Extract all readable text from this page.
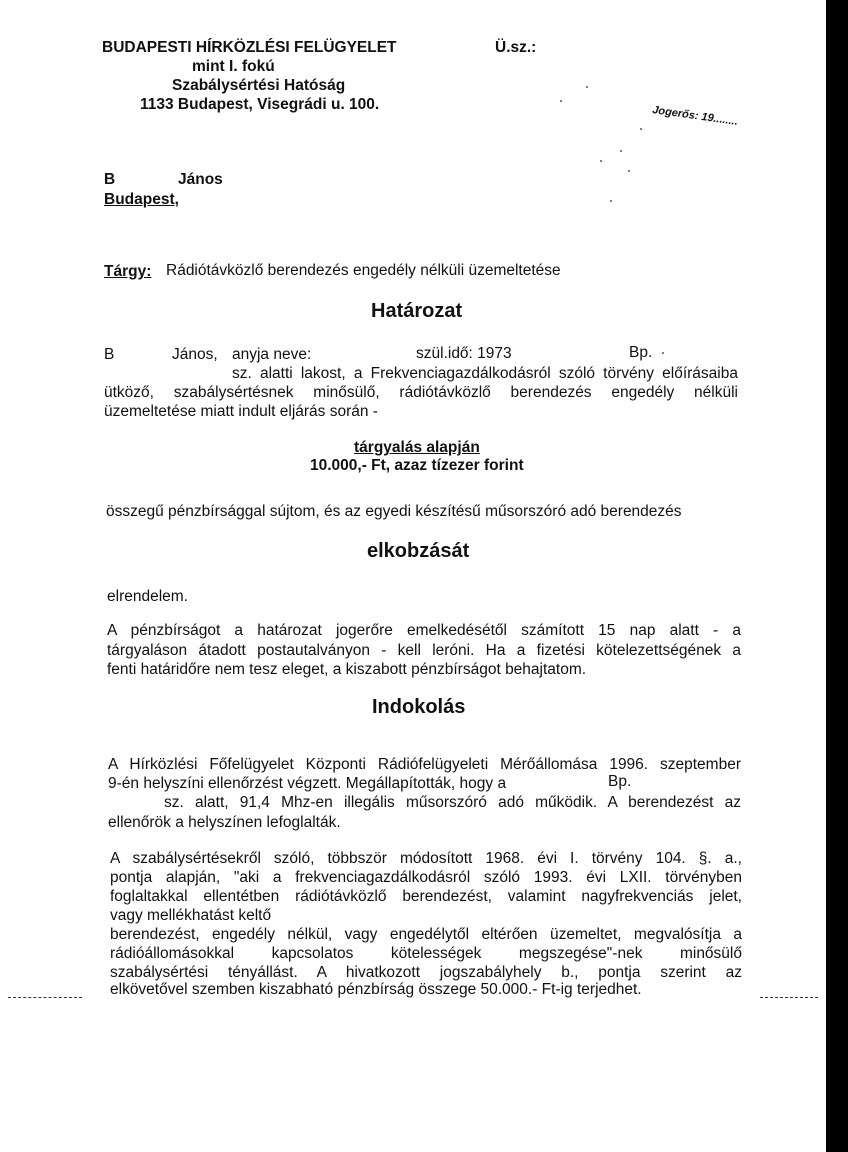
BUDAPESTI HÍRKÖZLÉSI FELÜGYELET
mint I. fokú
Szabálysértési Hatóság
1133 Budapest, Visegrádi u. 100.
Ü.sz.:
Jogerős: 19........
B	János
Budapest,
Tárgy: Rádiótávközlő berendezés engedély nélküli üzemeltetése
Határozat
B	János, anyja neve:	szül.idő: 1973	Bp.
sz. alatti lakost, a Frekvenciagazdálkodásról szóló törvény előírásaiba
ütköző, szabálysértésnek minősülő, rádiótávközlő berendezés engedély nélküli
üzemeltetése miatt indult eljárás során -
tárgyalás alapján
10.000,- Ft, azaz tízezer forint
összegű pénzbírsággal sújtom, és az egyedi készítésű műsorszóró adó berendezés
elkobzását
elrendelem.
A pénzbírságot a határozat jogerőre emelkedésétől számított 15 nap alatt - a
tárgyaláson átadott postautalványon - kell leróni. Ha a fizetési kötelezettségének a
fenti határidőre nem tesz eleget, a kiszabott pénzbírságot behajtatom.
Indokolás
A Hírközlési Főfelügyelet Központi Rádiófelügyeleti Mérőállomása 1996. szeptember
9-én helyszíni ellenőrzést végzett. Megállapították, hogy a	Bp.
sz. alatt, 91,4 Mhz-en illegális műsorszóró adó működik. A berendezést az
ellenőrök a helyszínen lefoglalták.
A szabálysértésekről szóló, többször módosított 1968. évi I. törvény 104. §. a.,
pontja alapján, "aki a frekvenciagazdálkodásról szóló 1993. évi LXII. törvényben
foglaltakkal ellentétben rádiótávközlő berendezést, valamint nagyfrekvenciás jelet,
vagy mellékhatást keltő
berendezést, engedély nélkül, vagy engedélytől eltérően üzemeltet, megvalósítja a
rádióállomásokkal kapcsolatos kötelességek megszegése"-nek minősülő
szabálysértési tényállást. A hivatkozott jogszabályhely b., pontja szerint az
elkövetővel szemben kiszabható pénzbírság összege 50.000.- Ft-ig terjedhet.
